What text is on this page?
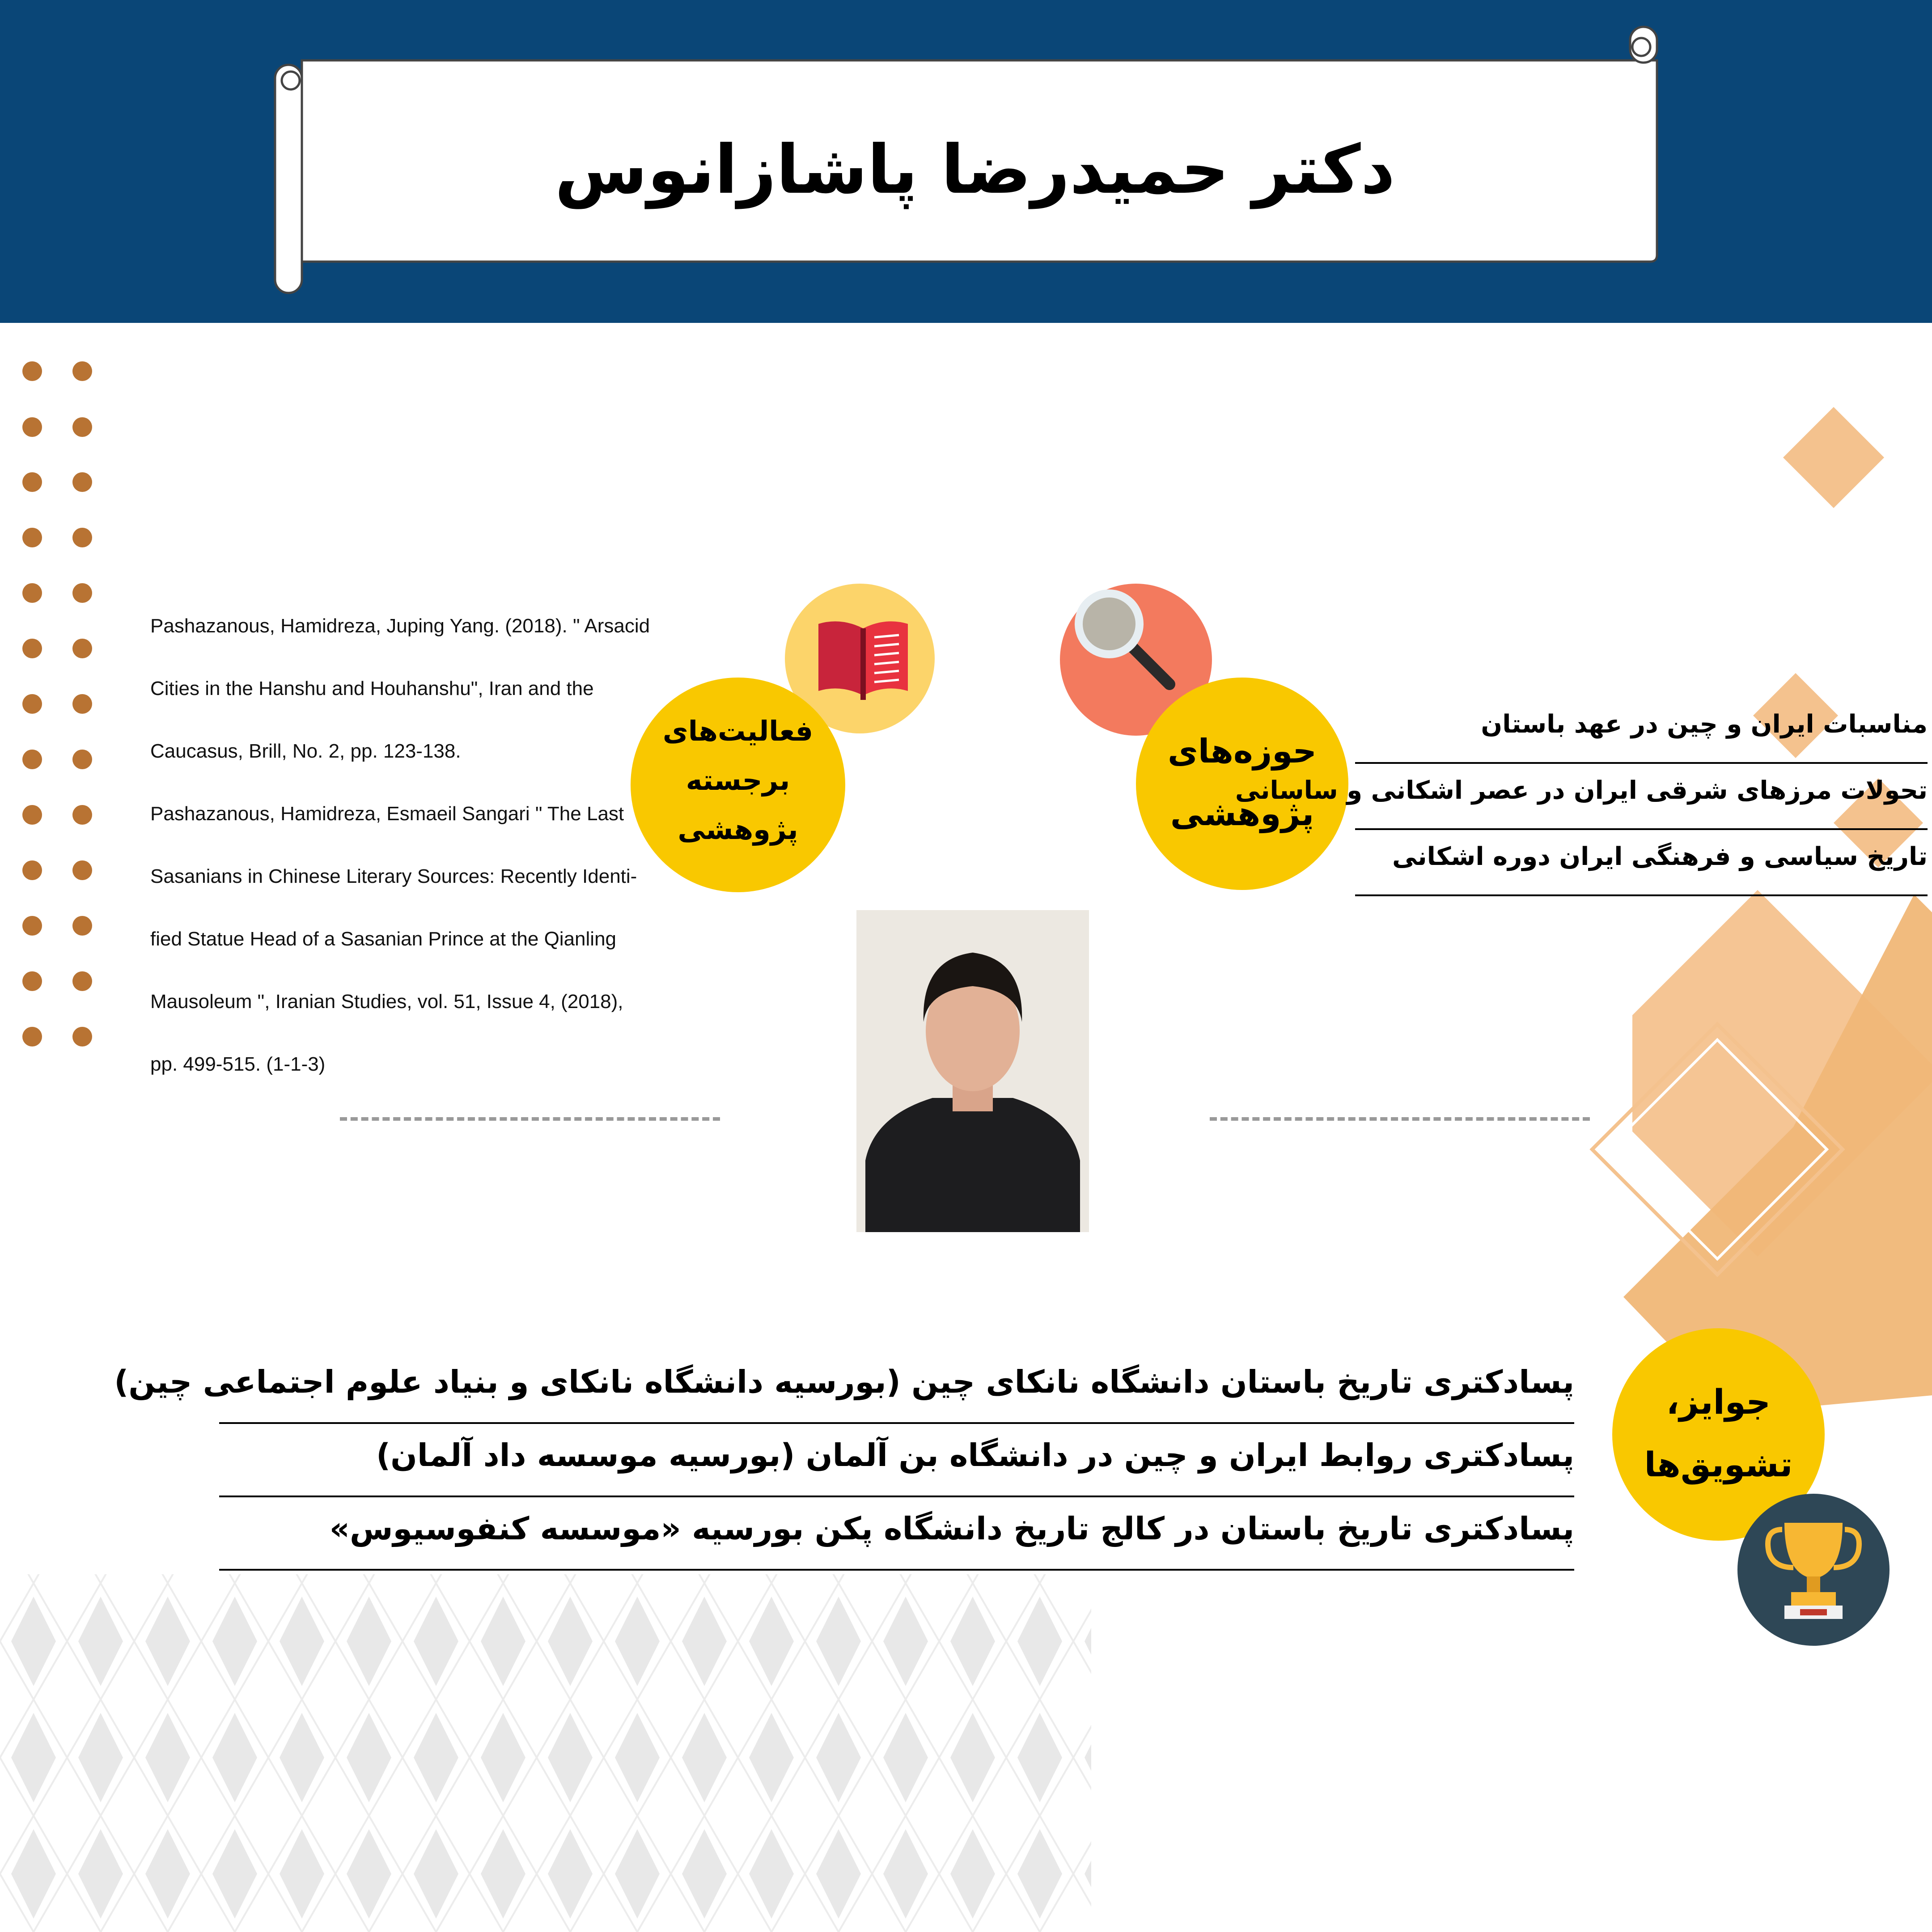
دکتر حمیدرضا پاشازانوس
فعالیت‌های
برجسته
پژوهشی

Pashazanous, Hamidreza, Juping Yang. (2018). " Arsacid

Cities in the Hanshu and Houhanshu", Iran and the

Caucasus, Brill, No. 2, pp. 123-138.

Pashazanous, Hamidreza, Esmaeil Sangari " The Last

Sasanians in Chinese Literary Sources: Recently Identi-

fied Statue Head of a Sasanian Prince at the Qianling

Mausoleum ", Iranian Studies, vol. 51, Issue 4, (2018),

pp. 499-515. (1-1-3)

حوزه‌های
پژوهشی
مناسبات ایران و چین در عهد باستان
تحولات مرزهای شرقی ایران در عصر اشکانی و ساسانی
تاریخ سیاسی و فرهنگی ایران دوره اشکانی
جوایز،
تشویق‌ها
پسادکتری تاریخ باستان دانشگاه نانکای چین (بورسیه دانشگاه نانکای و بنیاد علوم اجتماعی چین)
پسادکتری روابط ایران و چین در دانشگاه بن آلمان (بورسیه موسسه داد آلمان)
پسادکتری تاریخ باستان در کالج تاریخ دانشگاه پکن بورسیه «موسسه کنفوسیوس»
